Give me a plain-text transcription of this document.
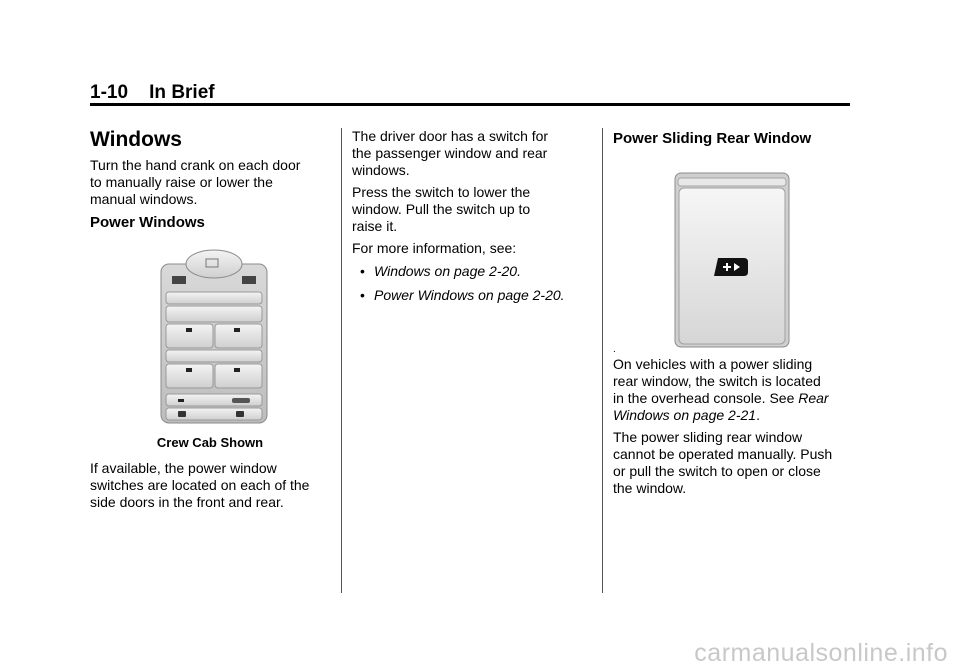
1-10 In Brief
Windows

Turn the hand crank on each door
to manually raise or lower the
manual windows.

Power Windows
Crew Cab Shown

If available, the power window
switches are located on each of the
side doors in the front and rear.

The driver door has a switch for
the passenger window and rear
windows.

Press the switch to lower the
window. Pull the switch up to
raise it.

For more information, see:

• Windows on page 2-20.
• Power Windows on page 2-20.
Power Sliding Rear Window

On vehicles with a power sliding
rear window, the switch is located
in the overhead console. See Rear
Windows on page 2-21.

.

The power sliding rear window
cannot be operated manually. Push
or pull the switch to open or close
the window.

carmanualsonline.info
